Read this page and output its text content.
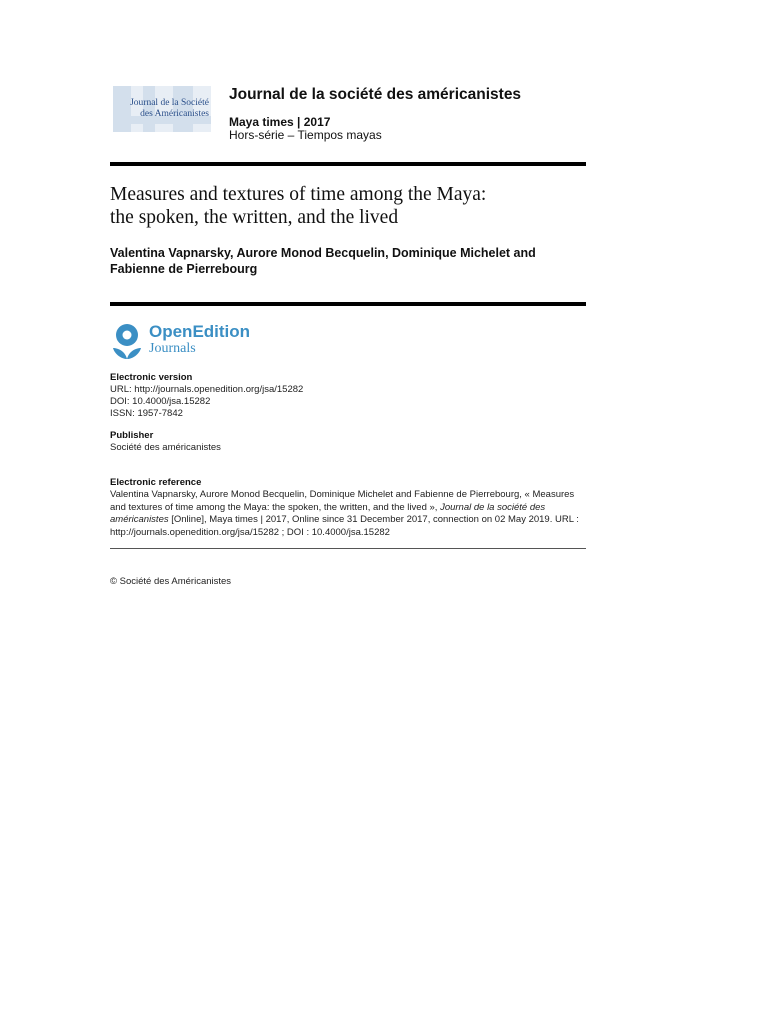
Journal de la Société
des Américanistes
Journal de la société des américanistes
Maya times | 2017
Hors-série – Tiempos mayas
Measures and textures of time among the Maya:
the spoken, the written, and the lived
Valentina Vapnarsky, Aurore Monod Becquelin, Dominique Michelet and
Fabienne de Pierrebourg
OpenEdition
Journals
Electronic version
URL: http://journals.openedition.org/jsa/15282
DOI: 10.4000/jsa.15282
ISSN: 1957-7842
Publisher
Société des américanistes
Electronic reference
Valentina Vapnarsky, Aurore Monod Becquelin, Dominique Michelet and Fabienne de Pierrebourg, « Measures and textures of time among the Maya: the spoken, the written, and the lived », Journal de la société des américanistes [Online], Maya times | 2017, Online since 31 December 2017, connection on 02 May 2019. URL : http://journals.openedition.org/jsa/15282 ; DOI : 10.4000/jsa.15282
© Société des Américanistes
